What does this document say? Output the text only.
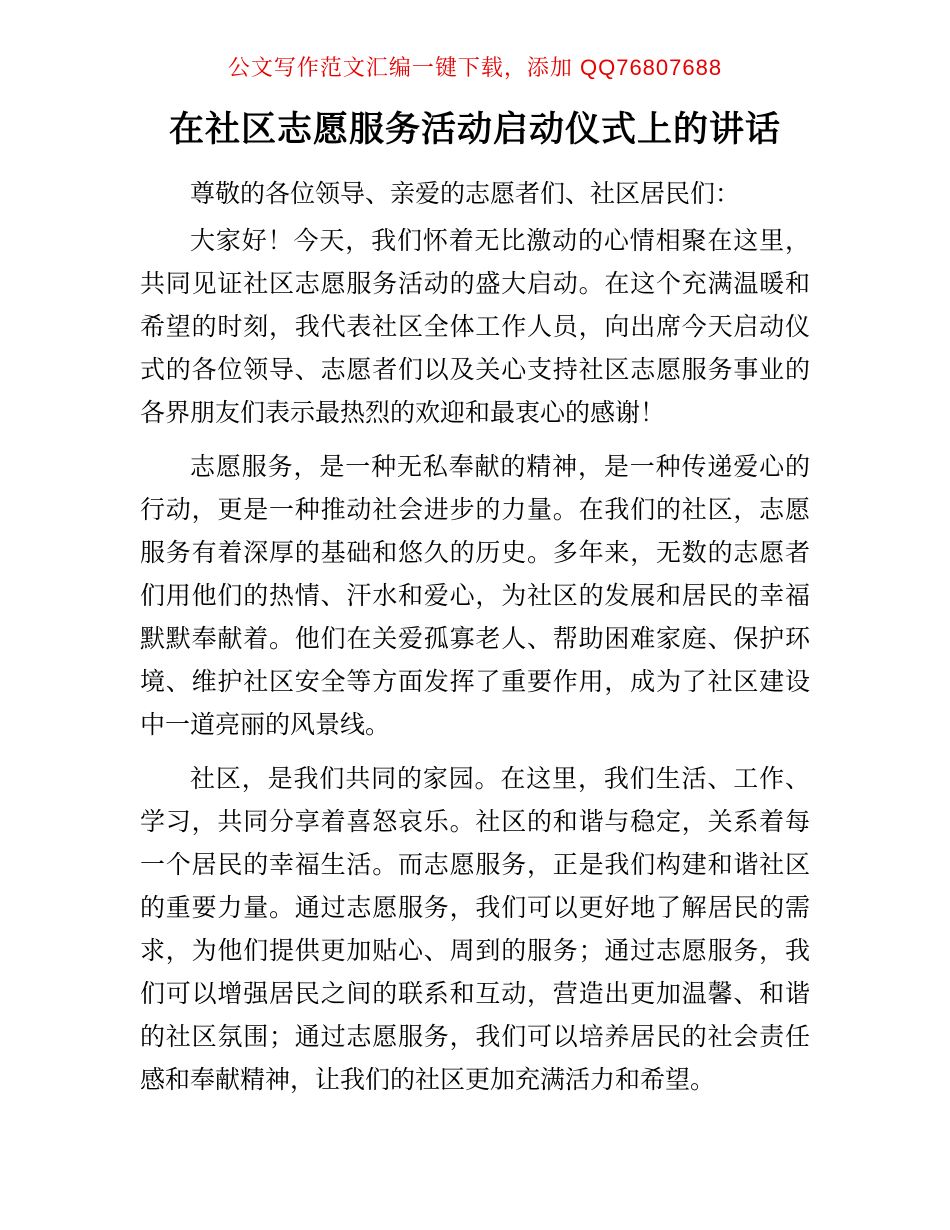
公文写作范文汇编一键下载，添加 QQ76807688
在社区志愿服务活动启动仪式上的讲话

尊敬的各位领导、亲爱的志愿者们、社区居民们：

大家好！今天，我们怀着无比激动的心情相聚在这里，共同见证社区志愿服务活动的盛大启动。在这个充满温暖和希望的时刻，我代表社区全体工作人员，向出席今天启动仪式的各位领导、志愿者们以及关心支持社区志愿服务事业的各界朋友们表示最热烈的欢迎和最衷心的感谢！

志愿服务，是一种无私奉献的精神，是一种传递爱心的行动，更是一种推动社会进步的力量。在我们的社区，志愿服务有着深厚的基础和悠久的历史。多年来，无数的志愿者们用他们的热情、汗水和爱心，为社区的发展和居民的幸福默默奉献着。他们在关爱孤寡老人、帮助困难家庭、保护环境、维护社区安全等方面发挥了重要作用，成为了社区建设中一道亮丽的风景线。

社区，是我们共同的家园。在这里，我们生活、工作、学习，共同分享着喜怒哀乐。社区的和谐与稳定，关系着每一个居民的幸福生活。而志愿服务，正是我们构建和谐社区的重要力量。通过志愿服务，我们可以更好地了解居民的需求，为他们提供更加贴心、周到的服务；通过志愿服务，我们可以增强居民之间的联系和互动，营造出更加温馨、和谐的社区氛围；通过志愿服务，我们可以培养居民的社会责任感和奉献精神，让我们的社区更加充满活力和希望。
